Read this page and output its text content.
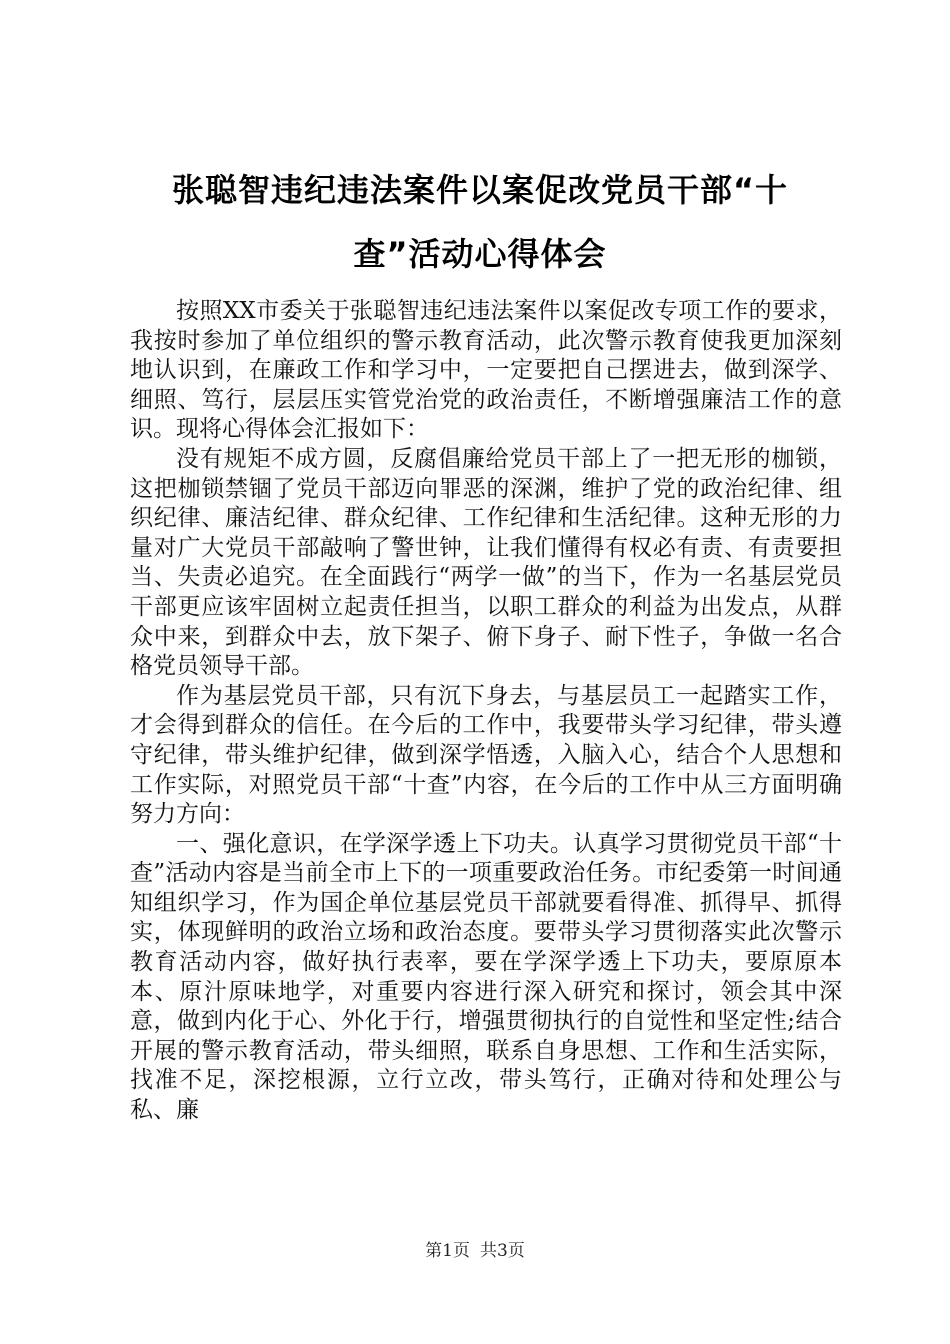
张聪智违纪违法案件以案促改党员干部“十查”活动心得体会

按照XX市委关于张聪智违纪违法案件以案促改专项工作的要求，我按时参加了单位组织的警示教育活动，此次警示教育使我更加深刻地认识到，在廉政工作和学习中，一定要把自己摆进去，做到深学、细照、笃行，层层压实管党治党的政治责任，不断增强廉洁工作的意识。现将心得体会汇报如下：

没有规矩不成方圆，反腐倡廉给党员干部上了一把无形的枷锁，这把枷锁禁锢了党员干部迈向罪恶的深渊，维护了党的政治纪律、组织纪律、廉洁纪律、群众纪律、工作纪律和生活纪律。这种无形的力量对广大党员干部敲响了警世钟，让我们懂得有权必有责、有责要担当、失责必追究。在全面践行“两学一做”的当下，作为一名基层党员干部更应该牢固树立起责任担当，以职工群众的利益为出发点，从群众中来，到群众中去，放下架子、俯下身子、耐下性子，争做一名合格党员领导干部。

作为基层党员干部，只有沉下身去，与基层员工一起踏实工作，才会得到群众的信任。在今后的工作中，我要带头学习纪律，带头遵守纪律，带头维护纪律，做到深学悟透，入脑入心，结合个人思想和工作实际，对照党员干部“十查”内容，在今后的工作中从三方面明确努力方向：

一、强化意识，在学深学透上下功夫。认真学习贯彻党员干部“十查”活动内容是当前全市上下的一项重要政治任务。市纪委第一时间通知组织学习，作为国企单位基层党员干部就要看得准、抓得早、抓得实，体现鲜明的政治立场和政治态度。要带头学习贯彻落实此次警示教育活动内容，做好执行表率，要在学深学透上下功夫，要原原本本、原汁原味地学，对重要内容进行深入研究和探讨，领会其中深意，做到内化于心、外化于行，增强贯彻执行的自觉性和坚定性;结合开展的警示教育活动，带头细照，联系自身思想、工作和生活实际，找准不足，深挖根源，立行立改，带头笃行，正确对待和处理公与私、廉

第1页 共3页
